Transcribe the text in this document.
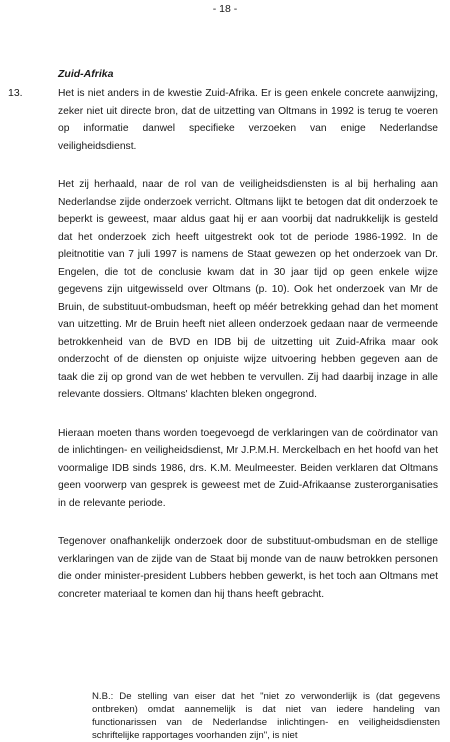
- 18 -
13.
Zuid-Afrika

Het is niet anders in de kwestie Zuid-Afrika. Er is geen enkele concrete aanwijzing, zeker niet uit directe bron, dat de uitzetting van Oltmans in 1992 is terug te voeren op informatie danwel specifieke verzoeken van enige Nederlandse veiligheidsdienst.

Het zij herhaald, naar de rol van de veiligheidsdiensten is al bij herhaling aan Nederlandse zijde onderzoek verricht. Oltmans lijkt te betogen dat dit onderzoek te beperkt is geweest, maar aldus gaat hij er aan voorbij dat nadrukkelijk is gesteld dat het onderzoek zich heeft uitgestrekt ook tot de periode 1986-1992. In de pleitnotitie van 7 juli 1997 is namens de Staat gewezen op het onderzoek van Dr. Engelen, die tot de conclusie kwam dat in 30 jaar tijd op geen enkele wijze gegevens zijn uitgewisseld over Oltmans (p. 10). Ook het onderzoek van Mr de Bruin, de substituut-ombudsman, heeft op méér betrekking gehad dan het moment van uitzetting. Mr de Bruin heeft niet alleen onderzoek gedaan naar de vermeende betrokkenheid van de BVD en IDB bij de uitzetting uit Zuid-Afrika maar ook onderzocht of de diensten op onjuiste wijze uitvoering hebben gegeven aan de taak die zij op grond van de wet hebben te vervullen. Zij had daarbij inzage in alle relevante dossiers. Oltmans' klachten bleken ongegrond.

Hieraan moeten thans worden toegevoegd de verklaringen van de coördinator van de inlichtingen- en veiligheidsdienst, Mr J.P.M.H. Merckelbach en het hoofd van het voormalige IDB sinds 1986, drs. K.M. Meulmeester. Beiden verklaren dat Oltmans geen voorwerp van gesprek is geweest met de Zuid-Afrikaanse zusterorganisaties in de relevante periode.

Tegenover onafhankelijk onderzoek door de substituut-ombudsman en de stellige verklaringen van de zijde van de Staat bij monde van de nauw betrokken personen die onder minister-president Lubbers hebben gewerkt, is het toch aan Oltmans met concreter materiaal te komen dan hij thans heeft gebracht.

N.B.: De stelling van eiser dat het "niet zo verwonderlijk is (dat gegevens ontbreken) omdat aannemelijk is dat niet van iedere handeling van functionarissen van de Nederlandse inlichtingen- en veiligheidsdiensten schriftelijke rapportages voorhanden zijn", is niet
